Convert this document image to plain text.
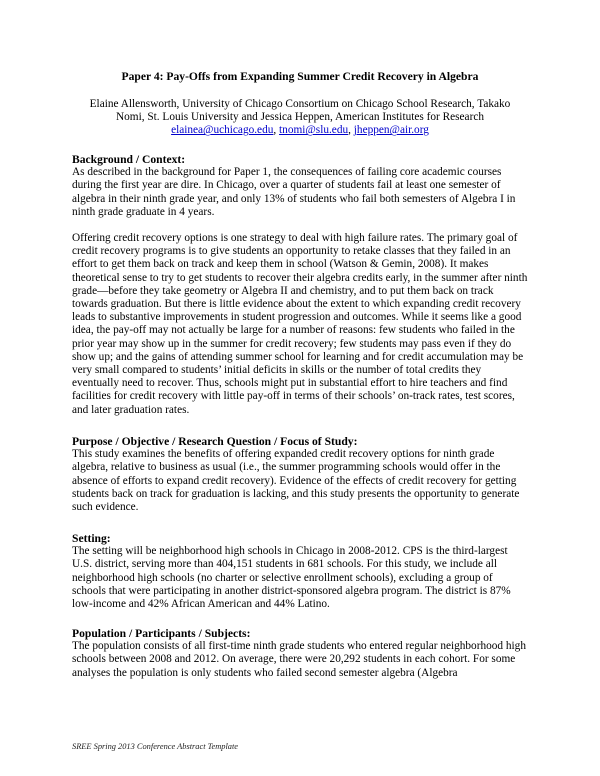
Paper 4: Pay-Offs from Expanding Summer Credit Recovery in Algebra
Elaine Allensworth, University of Chicago Consortium on Chicago School Research, Takako
Nomi, St. Louis University and Jessica Heppen, American Institutes for Research
elainea@uchicago.edu, tnomi@slu.edu, jheppen@air.org
Background / Context:
As described in the background for Paper 1, the consequences of failing core academic courses during the first year are dire. In Chicago, over a quarter of students fail at least one semester of algebra in their ninth grade year, and only 13% of students who fail both semesters of Algebra I in ninth grade graduate in 4 years.
Offering credit recovery options is one strategy to deal with high failure rates. The primary goal of credit recovery programs is to give students an opportunity to retake classes that they failed in an effort to get them back on track and keep them in school (Watson & Gemin, 2008). It makes theoretical sense to try to get students to recover their algebra credits early, in the summer after ninth grade—before they take geometry or Algebra II and chemistry, and to put them back on track towards graduation. But there is little evidence about the extent to which expanding credit recovery leads to substantive improvements in student progression and outcomes. While it seems like a good idea, the pay-off may not actually be large for a number of reasons: few students who failed in the prior year may show up in the summer for credit recovery; few students may pass even if they do show up; and the gains of attending summer school for learning and for credit accumulation may be very small compared to students’ initial deficits in skills or the number of total credits they eventually need to recover. Thus, schools might put in substantial effort to hire teachers and find facilities for credit recovery with little pay-off in terms of their schools’ on-track rates, test scores, and later graduation rates.
Purpose / Objective / Research Question / Focus of Study:
This study examines the benefits of offering expanded credit recovery options for ninth grade algebra, relative to business as usual (i.e., the summer programming schools would offer in the absence of efforts to expand credit recovery). Evidence of the effects of credit recovery for getting students back on track for graduation is lacking, and this study presents the opportunity to generate such evidence.
Setting:
The setting will be neighborhood high schools in Chicago in 2008-2012. CPS is the third-largest U.S. district, serving more than 404,151 students in 681 schools. For this study, we include all neighborhood high schools (no charter or selective enrollment schools), excluding a group of schools that were participating in another district-sponsored algebra program. The district is 87% low-income and 42% African American and 44% Latino.
Population / Participants / Subjects:
The population consists of all first-time ninth grade students who entered regular neighborhood high schools between 2008 and 2012. On average, there were 20,292 students in each cohort. For some analyses the population is only students who failed second semester algebra (Algebra
SREE Spring 2013 Conference Abstract Template
